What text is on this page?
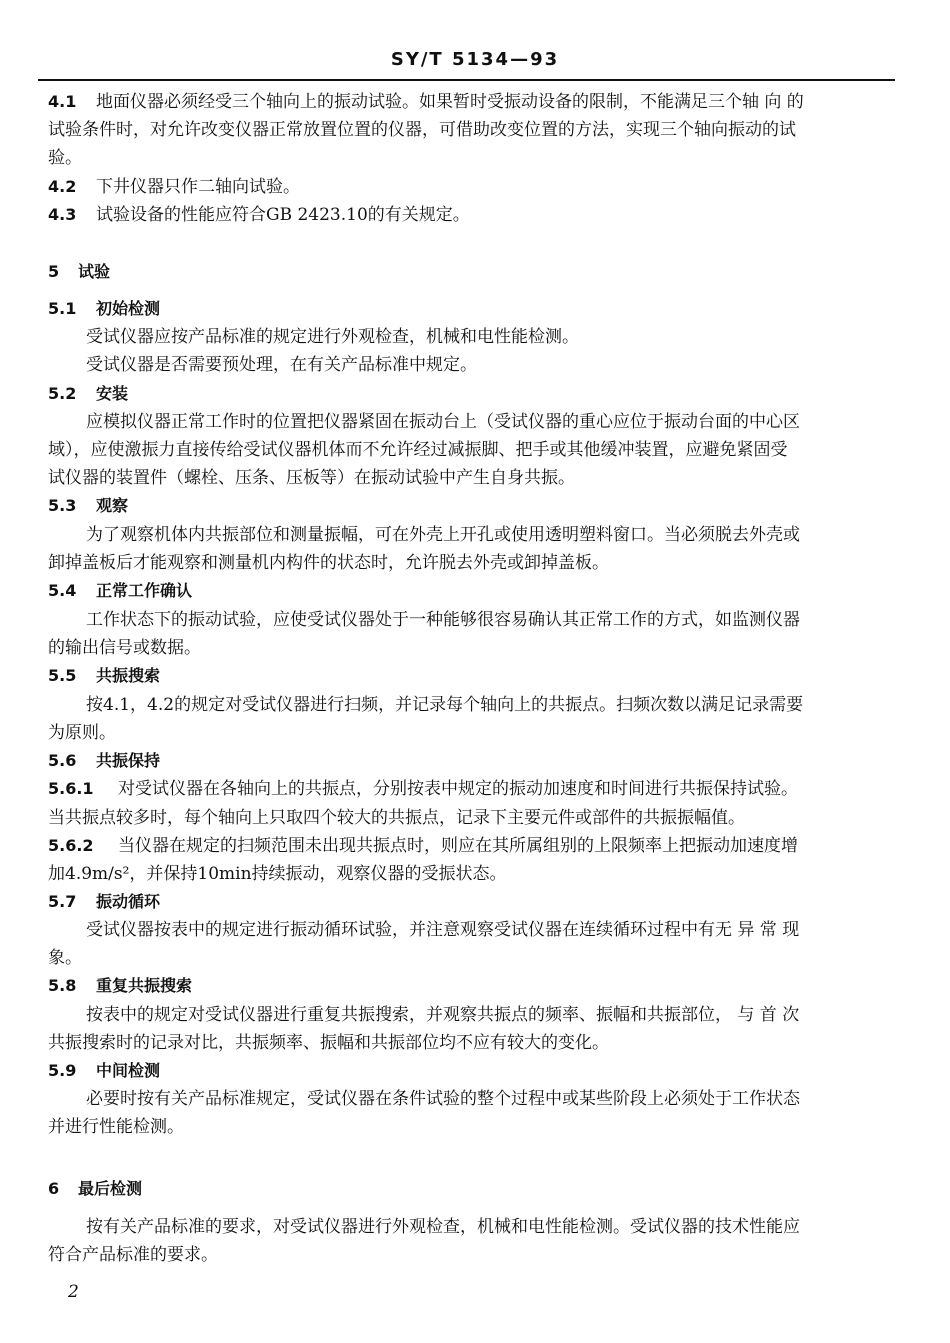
SY/T 5134—93
4.1 地面仪器必须经受三个轴向上的振动试验。如果暂时受振动设备的限制，不能满足三个轴 向 的
试验条件时，对允许改变仪器正常放置位置的仪器，可借助改变位置的方法，实现三个轴向振动的试
验。
4.2 下井仪器只作二轴向试验。
4.3 试验设备的性能应符合GB 2423.10的有关规定。
5 试验
5.1 初始检测
受试仪器应按产品标准的规定进行外观检查，机械和电性能检测。
受试仪器是否需要预处理，在有关产品标准中规定。
5.2 安装
应模拟仪器正常工作时的位置把仪器紧固在振动台上（受试仪器的重心应位于振动台面的中心区
域），应使激振力直接传给受试仪器机体而不允许经过减振脚、把手或其他缓冲装置，应避免紧固受
试仪器的装置件（螺栓、压条、压板等）在振动试验中产生自身共振。
5.3 观察
为了观察机体内共振部位和测量振幅，可在外壳上开孔或使用透明塑料窗口。当必须脱去外壳或
卸掉盖板后才能观察和测量机内构件的状态时，允许脱去外壳或卸掉盖板。
5.4 正常工作确认
工作状态下的振动试验，应使受试仪器处于一种能够很容易确认其正常工作的方式，如监测仪器
的输出信号或数据。
5.5 共振搜索
按4.1，4.2的规定对受试仪器进行扫频，并记录每个轴向上的共振点。扫频次数以满足记录需要
为原则。
5.6 共振保持
5.6.1 对受试仪器在各轴向上的共振点，分别按表中规定的振动加速度和时间进行共振保持试验。
当共振点较多时，每个轴向上只取四个较大的共振点，记录下主要元件或部件的共振振幅值。
5.6.2 当仪器在规定的扫频范围未出现共振点时，则应在其所属组别的上限频率上把振动加速度增
加4.9m/s²，并保持10min持续振动，观察仪器的受振状态。
5.7 振动循环
受试仪器按表中的规定进行振动循环试验，并注意观察受试仪器在连续循环过程中有无 异 常 现
象。
5.8 重复共振搜索
按表中的规定对受试仪器进行重复共振搜索，并观察共振点的频率、振幅和共振部位， 与 首 次
共振搜索时的记录对比，共振频率、振幅和共振部位均不应有较大的变化。
5.9 中间检测
必要时按有关产品标准规定，受试仪器在条件试验的整个过程中或某些阶段上必须处于工作状态
并进行性能检测。
6 最后检测
按有关产品标准的要求，对受试仪器进行外观检查，机械和电性能检测。受试仪器的技术性能应
符合产品标准的要求。
2
